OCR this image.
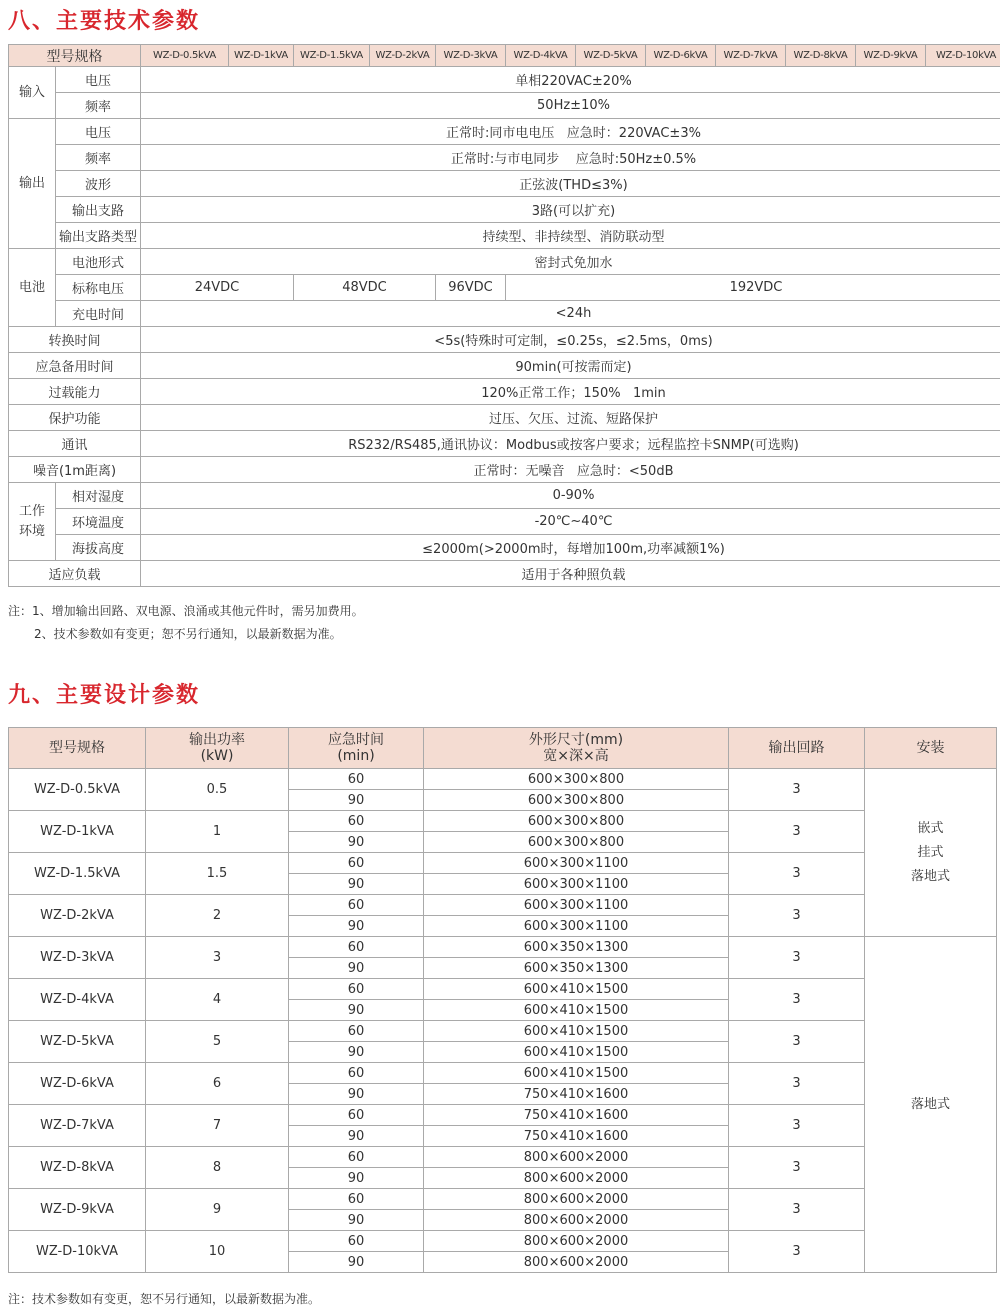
八、主要技术参数
型号规格		WZ-D-0.5kVA	WZ-D-1kVA	WZ-D-1.5kVA	WZ-D-2kVA	WZ-D-3kVA	WZ-D-4kVA	WZ-D-5kVA	WZ-D-6kVA	WZ-D-7kVA	WZ-D-8kVA	WZ-D-9kVA	WZ-D-10kVA
输入	电压	单相220VAC±20%											
	频率	50Hz±10%											
输出	电压	正常时:同市电电压   应急时：220VAC±3%											
	频率	正常时:与市电同步    应急时:50Hz±0.5%											
	波形	正弦波(THD≤3%)											
	输出支路	3路(可以扩充)											
	输出支路类型	持续型、非持续型、消防联动型											
电池	电池形式	密封式免加水											
	标称电压	24VDC		48VDC		96VDC	192VDC						
	充电时间	<24h											
转换时间		<5s(特殊时可定制，≤0.25s，≤2.5ms，0ms)											
应急备用时间		90min(可按需而定)											
过载能力		120%正常工作；150%   1min											
保护功能		过压、欠压、过流、短路保护											
通讯		RS232/RS485,通讯协议：Modbus或按客户要求；远程监控卡SNMP(可选购)											
噪音(1m距离)		正常时：无噪音   应急时：<50dB											

工作
环境	相对湿度	0-90%											
	环境温度	-20℃~40℃											
	海拔高度	≤2000m(>2000m时，每增加100m,功率减额1%)											
适应负载		适用于各种照负载											

注：1、增加输出回路、双电源、浪涌或其他元件时，需另加费用。

2、技术参数如有变更；恕不另行通知，以最新数据为准。

九、主要设计参数
型号规格	输出功率
(kW)	应急时间
(min)	外形尺寸(mm)
宽×深×高	输出回路	安装
WZ-D-0.5kVA	0.5	60	600×300×800	3	嵌式
挂式
落地式

		90	600×300×800		
WZ-D-1kVA	1	60	600×300×800	3	
		90	600×300×800		
WZ-D-1.5kVA	1.5	60	600×300×1100	3	
		90	600×300×1100		
WZ-D-2kVA	2	60	600×300×1100	3	
		90	600×300×1100		
WZ-D-3kVA	3	60	600×350×1300	3	落地式
		90	600×350×1300		
WZ-D-4kVA	4	60	600×410×1500	3	
		90	600×410×1500		
WZ-D-5kVA	5	60	600×410×1500	3	
		90	600×410×1500		
WZ-D-6kVA	6	60	600×410×1500	3	
		90	750×410×1600		
WZ-D-7kVA	7	60	750×410×1600	3	
		90	750×410×1600		
WZ-D-8kVA	8	60	800×600×2000	3	
		90	800×600×2000		
WZ-D-9kVA	9	60	800×600×2000	3	
		90	800×600×2000		
WZ-D-10kVA	10	60	800×600×2000	3	
		90	800×600×2000		

注：技术参数如有变更，恕不另行通知，以最新数据为准。
